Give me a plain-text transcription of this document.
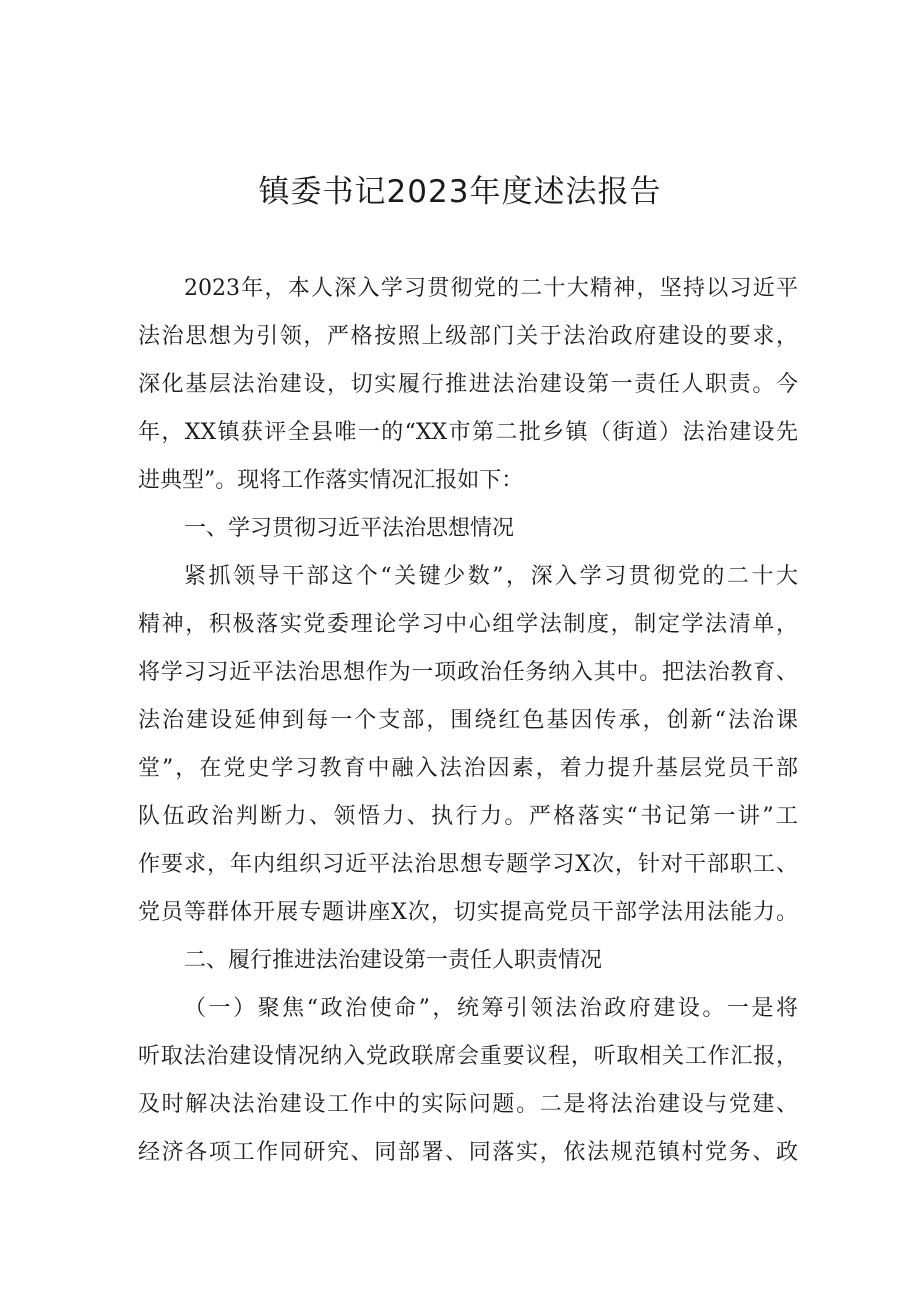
镇委书记2023年度述法报告
2023年，本人深入学习贯彻党的二十大精神，坚持以习近平
法治思想为引领，严格按照上级部门关于法治政府建设的要求，
深化基层法治建设，切实履行推进法治建设第一责任人职责。今
年，XX镇获评全县唯一的“XX市第二批乡镇（街道）法治建设先
进典型”。现将工作落实情况汇报如下：
一、学习贯彻习近平法治思想情况
紧抓领导干部这个“关键少数”，深入学习贯彻党的二十大
精神，积极落实党委理论学习中心组学法制度，制定学法清单，
将学习习近平法治思想作为一项政治任务纳入其中。把法治教育、
法治建设延伸到每一个支部，围绕红色基因传承，创新“法治课
堂”，在党史学习教育中融入法治因素，着力提升基层党员干部
队伍政治判断力、领悟力、执行力。严格落实“书记第一讲”工
作要求，年内组织习近平法治思想专题学习X次，针对干部职工、
党员等群体开展专题讲座X次，切实提高党员干部学法用法能力。
二、履行推进法治建设第一责任人职责情况
（一）聚焦“政治使命”，统筹引领法治政府建设。一是将
听取法治建设情况纳入党政联席会重要议程，听取相关工作汇报，
及时解决法治建设工作中的实际问题。二是将法治建设与党建、
经济各项工作同研究、同部署、同落实，依法规范镇村党务、政
